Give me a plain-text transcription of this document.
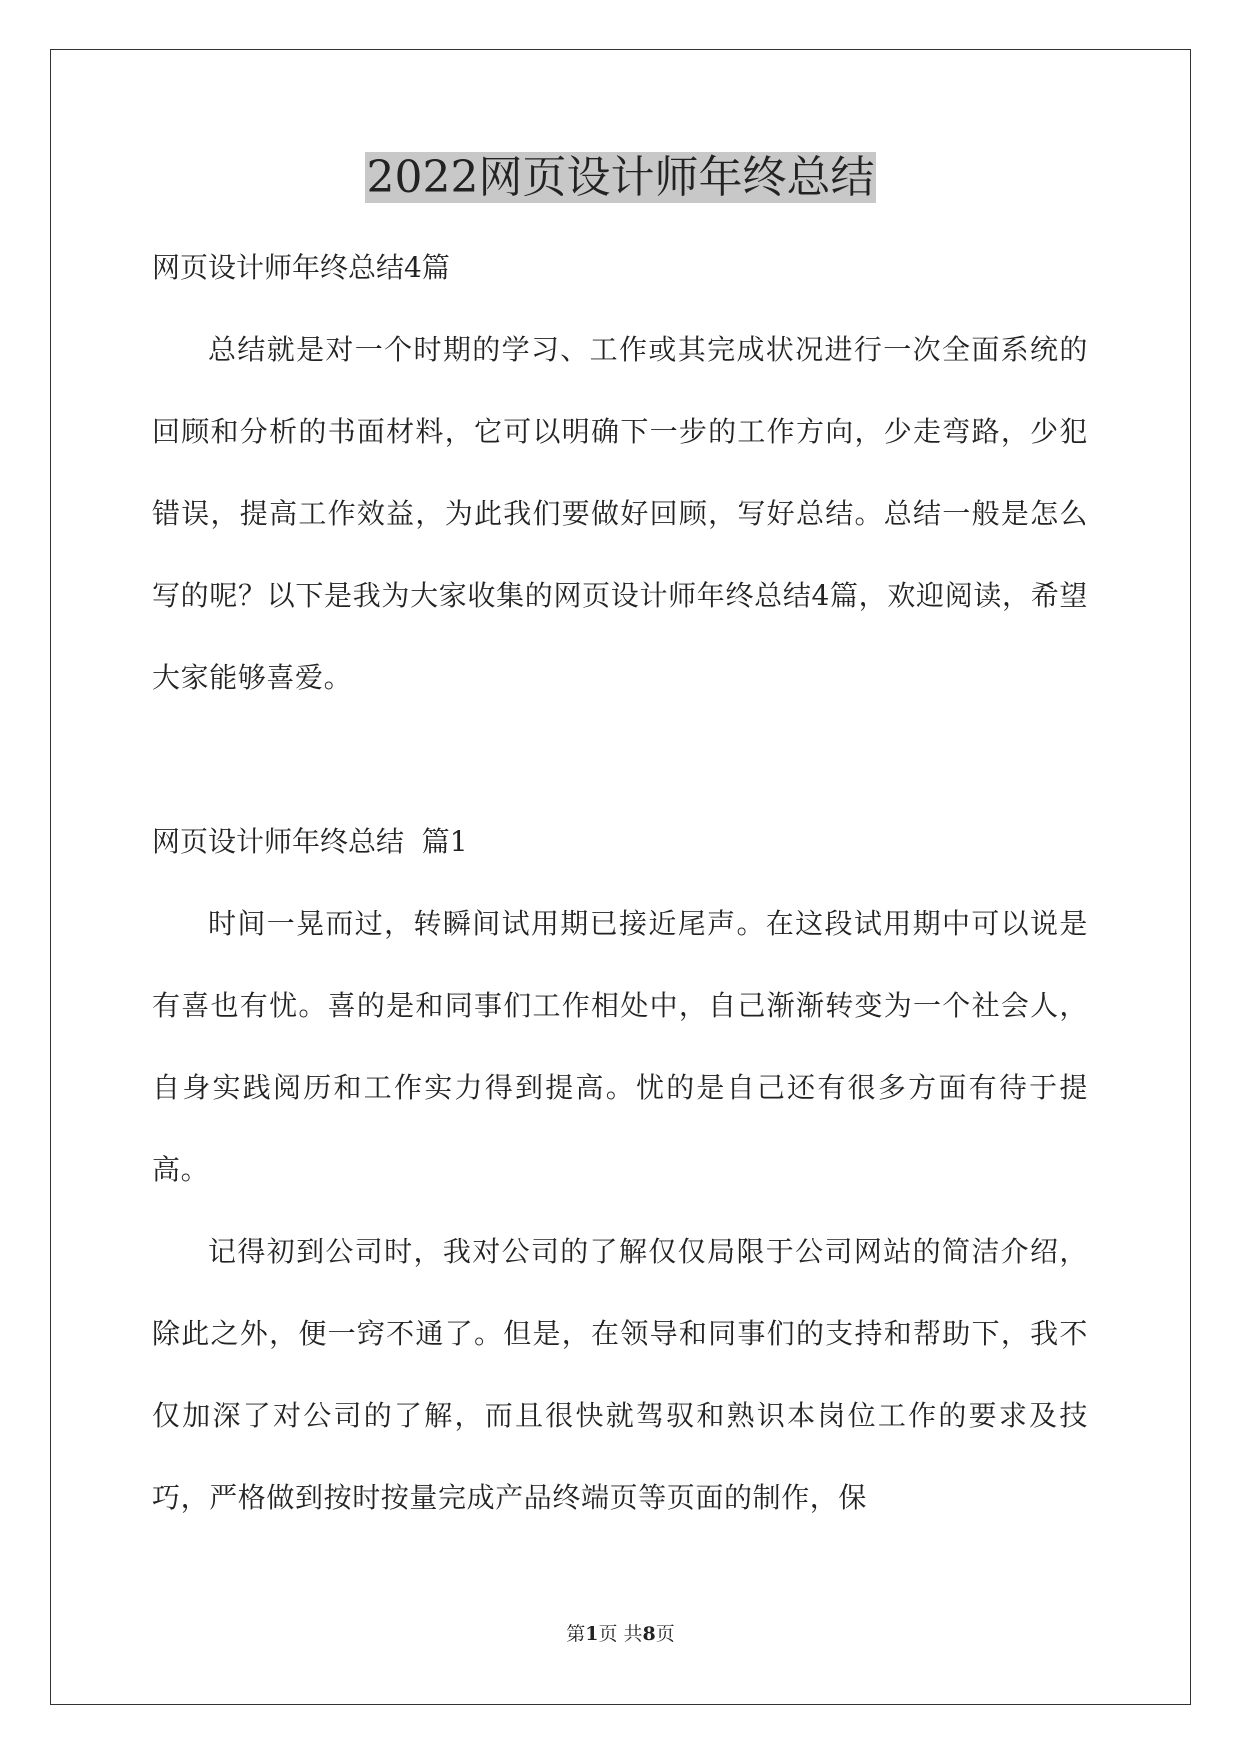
2022网页设计师年终总结

网页设计师年终总结4篇

总结就是对一个时期的学习、工作或其完成状况进行一次全面系统的回顾和分析的书面材料，它可以明确下一步的工作方向，少走弯路，少犯错误，提高工作效益，为此我们要做好回顾，写好总结。总结一般是怎么写的呢？以下是我为大家收集的网页设计师年终总结4篇，欢迎阅读，希望大家能够喜爱。

网页设计师年终总结  篇1

时间一晃而过，转瞬间试用期已接近尾声。在这段试用期中可以说是有喜也有忧。喜的是和同事们工作相处中，自己渐渐转变为一个社会人，自身实践阅历和工作实力得到提高。忧的是自己还有很多方面有待于提高。

记得初到公司时，我对公司的了解仅仅局限于公司网站的简洁介绍，除此之外，便一窍不通了。但是，在领导和同事们的支持和帮助下，我不仅加深了对公司的了解，而且很快就驾驭和熟识本岗位工作的要求及技巧，严格做到按时按量完成产品终端页等页面的制作，保

第1页 共8页
